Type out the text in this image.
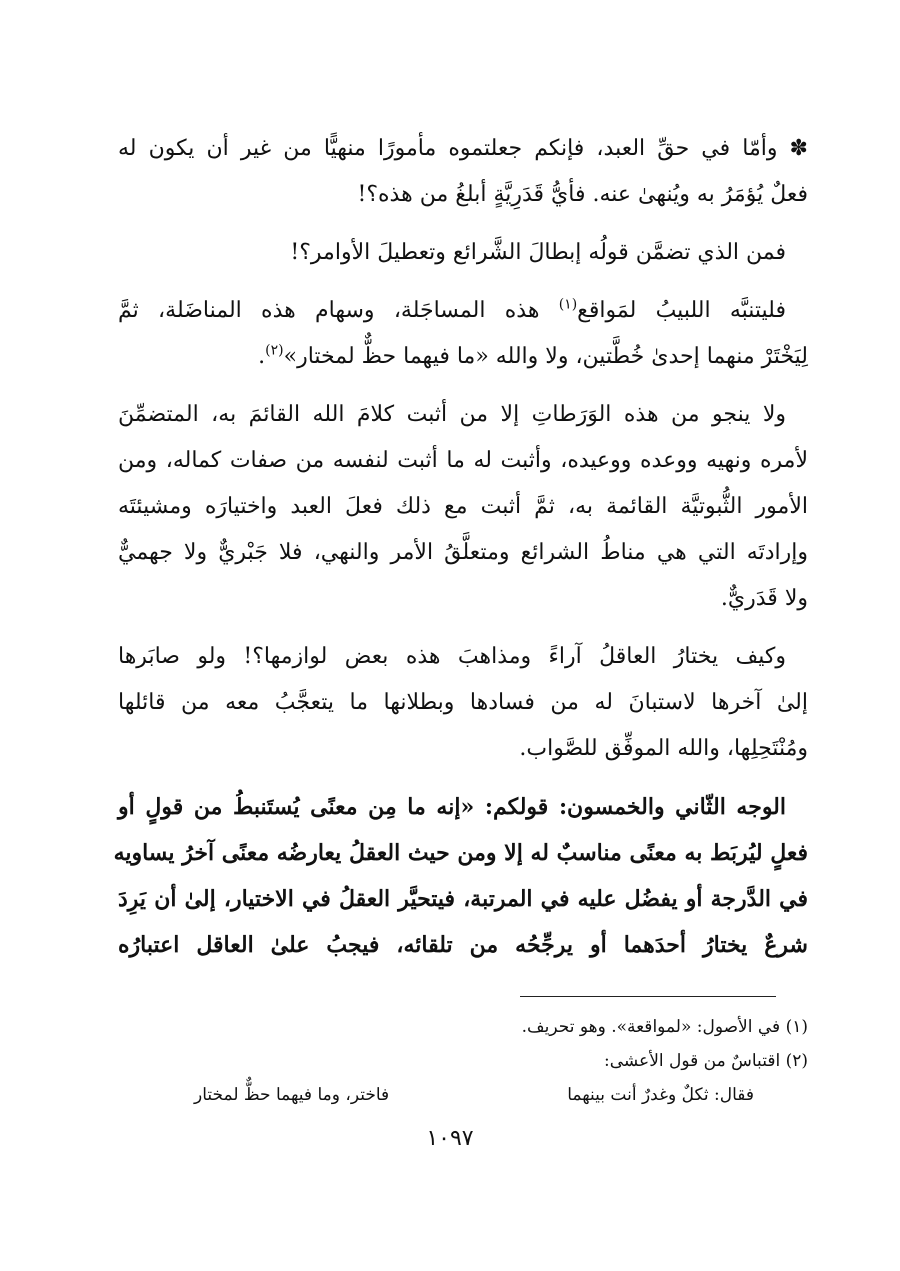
✽ وأمّا في حقِّ العبد، فإنكم جعلتموه مأمورًا منهيًّا من غير أن يكون له
فعلٌ يُؤمَرُ به ويُنهىٰ عنه. فأيُّ قَدَرِيَّةٍ أبلغُ من هذه؟!

فمن الذي تضمَّن قولُه إبطالَ الشَّرائع وتعطيلَ الأوامر؟!

فليتنبَّه اللبيبُ لمَواقع$^{(١)}$ هذه المساجَلة، وسهام هذه المناضَلة، ثمَّ
لِيَخْتَرْ منهما إحدىٰ خُطَّتين، ولا والله «ما فيهما حظٌّ لمختار»$^{(٢)}$.

ولا ينجو من هذه الوَرَطاتِ إلا من أثبت كلامَ الله القائمَ به، المتضمِّنَ
لأمره ونهيه ووعده ووعيده، وأثبت له ما أثبت لنفسه من صفات كماله، ومن
الأمور الثُّبوتيَّة القائمة به، ثمَّ أثبت مع ذلك فعلَ العبد واختيارَه ومشيئتَه
وإرادتَه التي هي مناطُ الشرائع ومتعلَّقُ الأمر والنهي، فلا جَبْريٌّ ولا جهميٌّ
ولا قَدَريٌّ.

وكيف يختارُ العاقلُ آراءً ومذاهبَ هذه بعض لوازمها؟! ولو صابَرها
إلىٰ آخرها لاستبانَ له من فسادها وبطلانها ما يتعجَّبُ معه من قائلها
ومُنْتَحِلِها، والله الموفِّق للصَّواب.

الوجه الثّاني والخمسون: قولكم: «إنه ما مِن معنًى يُستَنبطُ من قولٍ أو
فعلٍ ليُربَط به معنًى مناسبٌ له إلا ومن حيث العقلُ يعارضُه معنًى آخرُ يساويه
في الدَّرجة أو يفضُل عليه في المرتبة، فيتحيَّر العقلُ في الاختيار، إلىٰ أن يَرِدَ
شرعٌ يختارُ أحدَهما أو يرجِّحُه من تلقائه، فيجبُ علىٰ العاقل اعتبارُه

(١) في الأصول: «لمواقعة». وهو تحريف.
(٢) اقتباسٌ من قول الأعشى:
فقال: ثكلٌ وغدرٌ أنت بينهما
فاختر، وما فيهما حظٌّ لمختار
١٠٩٧
